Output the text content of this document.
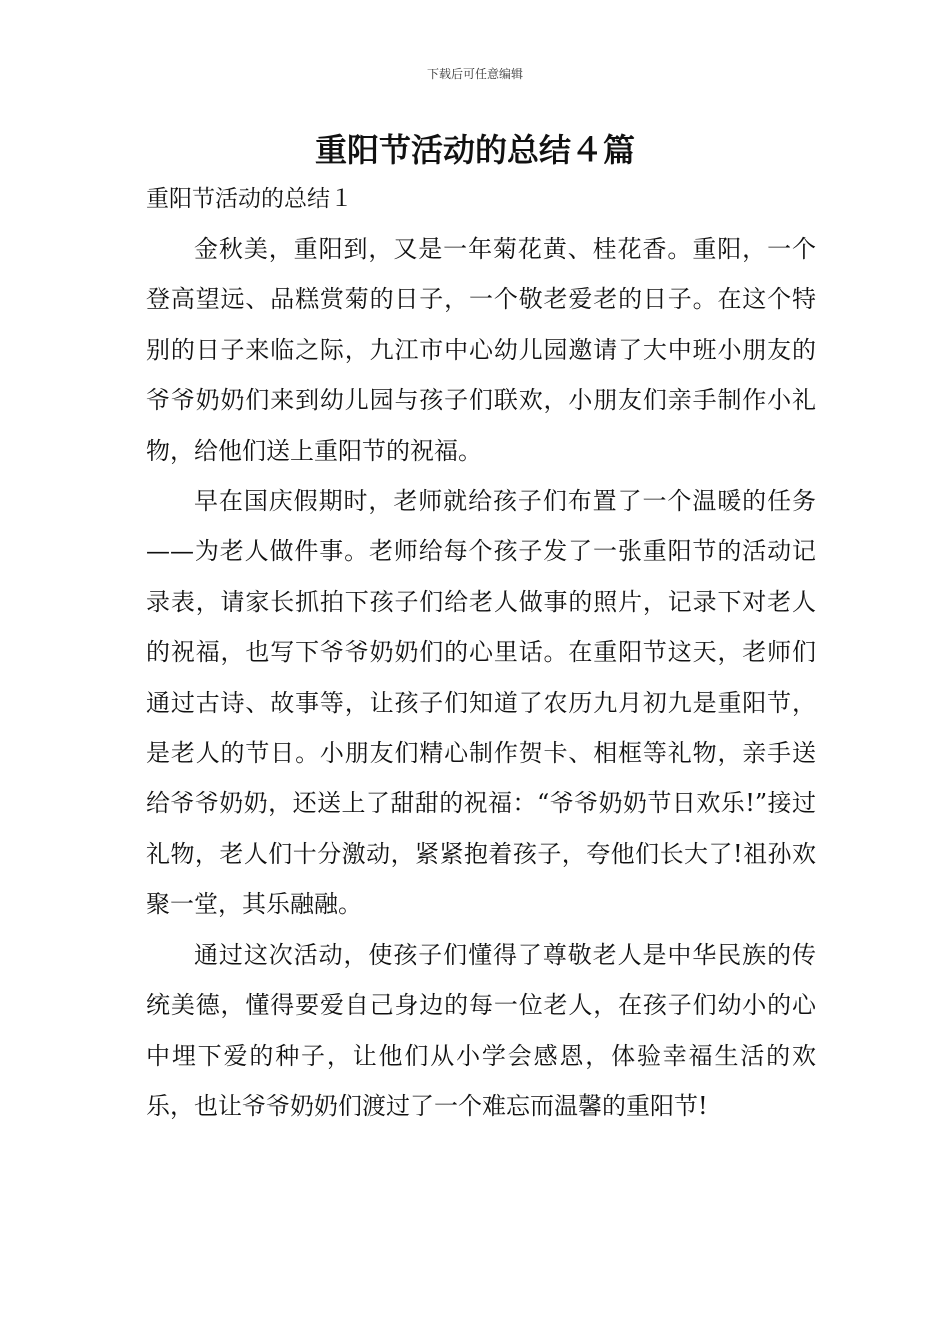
下载后可任意编辑
重阳节活动的总结４篇
重阳节活动的总结１

金秋美，重阳到，又是一年菊花黄、桂花香。重阳，一个登高望远、品糕赏菊的日子，一个敬老爱老的日子。在这个特别的日子来临之际，九江市中心幼儿园邀请了大中班小朋友的爷爷奶奶们来到幼儿园与孩子们联欢，小朋友们亲手制作小礼物，给他们送上重阳节的祝福。

早在国庆假期时，老师就给孩子们布置了一个温暖的任务——为老人做件事。老师给每个孩子发了一张重阳节的活动记录表，请家长抓拍下孩子们给老人做事的照片，记录下对老人的祝福，也写下爷爷奶奶们的心里话。在重阳节这天，老师们通过古诗、故事等，让孩子们知道了农历九月初九是重阳节，是老人的节日。小朋友们精心制作贺卡、相框等礼物，亲手送给爷爷奶奶，还送上了甜甜的祝福：“爷爷奶奶节日欢乐!”接过礼物，老人们十分激动，紧紧抱着孩子，夸他们长大了!祖孙欢聚一堂，其乐融融。

通过这次活动，使孩子们懂得了尊敬老人是中华民族的传统美德，懂得要爱自己身边的每一位老人，在孩子们幼小的心中埋下爱的种子，让他们从小学会感恩，体验幸福生活的欢乐，也让爷爷奶奶们渡过了一个难忘而温馨的重阳节!
